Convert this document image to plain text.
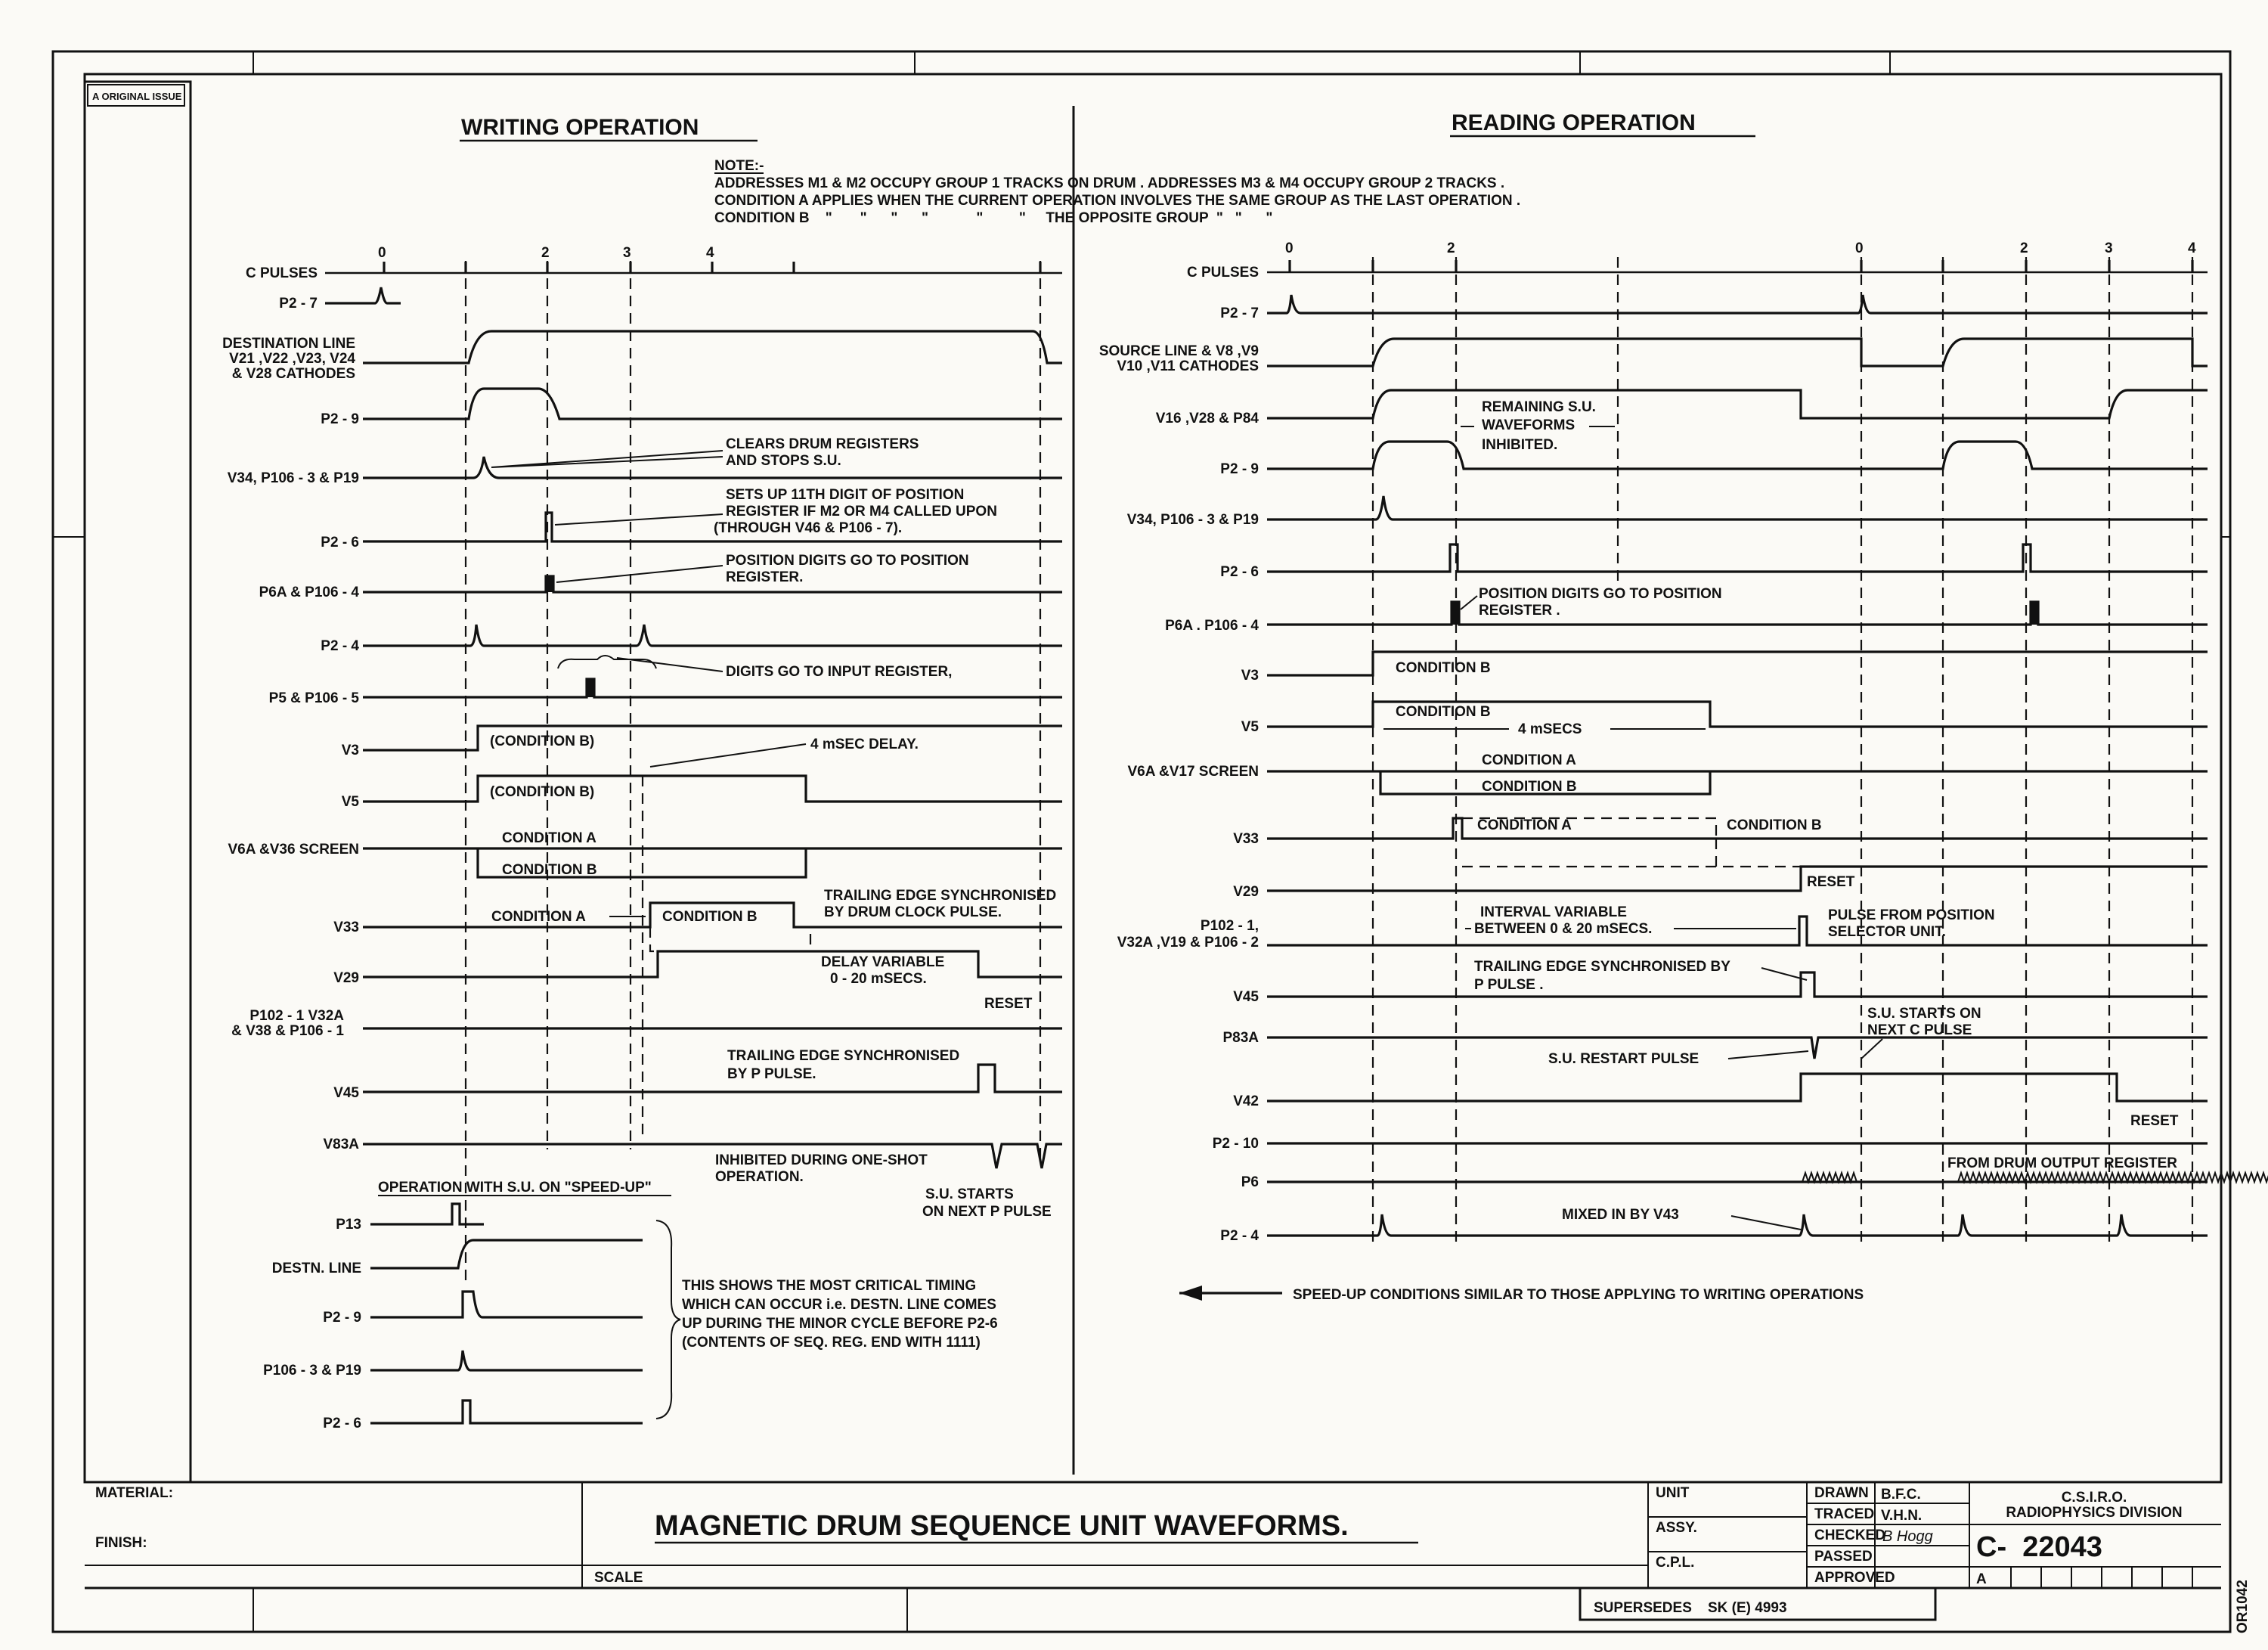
A ORIGINAL ISSUE
WRITING OPERATION	READING OPERATION
NOTE:-
ADDRESSES M1 & M2 OCCUPY GROUP 1 TRACKS ON DRUM . ADDRESSES M3 & M4 OCCUPY GROUP 2 TRACKS .
CONDITION A APPLIES WHEN THE CURRENT OPERATION INVOLVES THE SAME GROUP AS THE LAST OPERATION .
CONDITION B    "       "      "      "            "         "     THE OPPOSITE GROUP  "   "      "
0	2	3	4
C PULSES
P2 - 7
DESTINATION LINE
V21 ,V22 ,V23, V24
& V28 CATHODES
P2 - 9
V34, P106 - 3 & P19
P2 - 6
P6A & P106 - 4
P2 - 4
P5 & P106 - 5
V3
V5
V6A &V36 SCREEN
V33
V29
P102 - 1 V32A
& V38 & P106 - 1
V45
V83A
CLEARS DRUM REGISTERS
AND STOPS S.U.
SETS UP 11TH DIGIT OF POSITION
REGISTER IF M2 OR M4 CALLED UPON
(THROUGH V46 & P106 - 7).
POSITION DIGITS GO TO POSITION
REGISTER.
DIGITS GO TO INPUT REGISTER,
(CONDITION B)	4 mSEC DELAY.
(CONDITION B)
CONDITION A
CONDITION B
CONDITION A	CONDITION B
TRAILING EDGE SYNCHRONISED
BY DRUM CLOCK PULSE.
DELAY VARIABLE
0 - 20 mSECS.
RESET
TRAILING EDGE SYNCHRONISED
BY P PULSE.
INHIBITED DURING ONE-SHOT
OPERATION.
S.U. STARTS
ON NEXT P PULSE
OPERATION WITH S.U. ON "SPEED-UP"
P13
DESTN. LINE
P2 - 9
P106 - 3 & P19
P2 - 6
THIS SHOWS THE MOST CRITICAL TIMING
WHICH CAN OCCUR i.e. DESTN. LINE COMES
UP DURING THE MINOR CYCLE BEFORE P2-6
(CONTENTS OF SEQ. REG. END WITH 1111)
0	2	0	2	3	4
C PULSES
P2 - 7
SOURCE LINE & V8 ,V9
V10 ,V11 CATHODES
V16 ,V28 & P84
P2 - 9
V34, P106 - 3 & P19
P2 - 6
P6A . P106 - 4
V3
V5
V6A &V17 SCREEN
V33
V29
P102 - 1,
V32A ,V19 & P106 - 2
V45
P83A
V42
P2 - 10
P6
P2 - 4
REMAINING S.U.
WAVEFORMS
INHIBITED.
POSITION DIGITS GO TO POSITION
REGISTER .
CONDITION B
CONDITION B
4 mSECS
CONDITION A
CONDITION B
CONDITION A	CONDITION B
RESET
INTERVAL VARIABLE
BETWEEN 0 & 20 mSECS.
PULSE FROM POSITION
SELECTOR UNIT.
TRAILING EDGE SYNCHRONISED BY
P PULSE .
S.U. STARTS ON
NEXT C PULSE
S.U. RESTART PULSE
RESET
FROM DRUM OUTPUT REGISTER
MIXED IN BY V43
SPEED-UP CONDITIONS SIMILAR TO THOSE APPLYING TO WRITING OPERATIONS
MATERIAL:
FINISH:
SCALE
MAGNETIC DRUM SEQUENCE UNIT WAVEFORMS.
UNIT
ASSY.
C.P.L.
DRAWN B.F.C.
TRACED V.H.N.
CHECKED
B Hogg
PASSED
APPROVED
C.S.I.R.O.
RADIOPHYSICS DIVISION
C-  22043
A
SUPERSEDES    SK (E) 4993	OR1042
